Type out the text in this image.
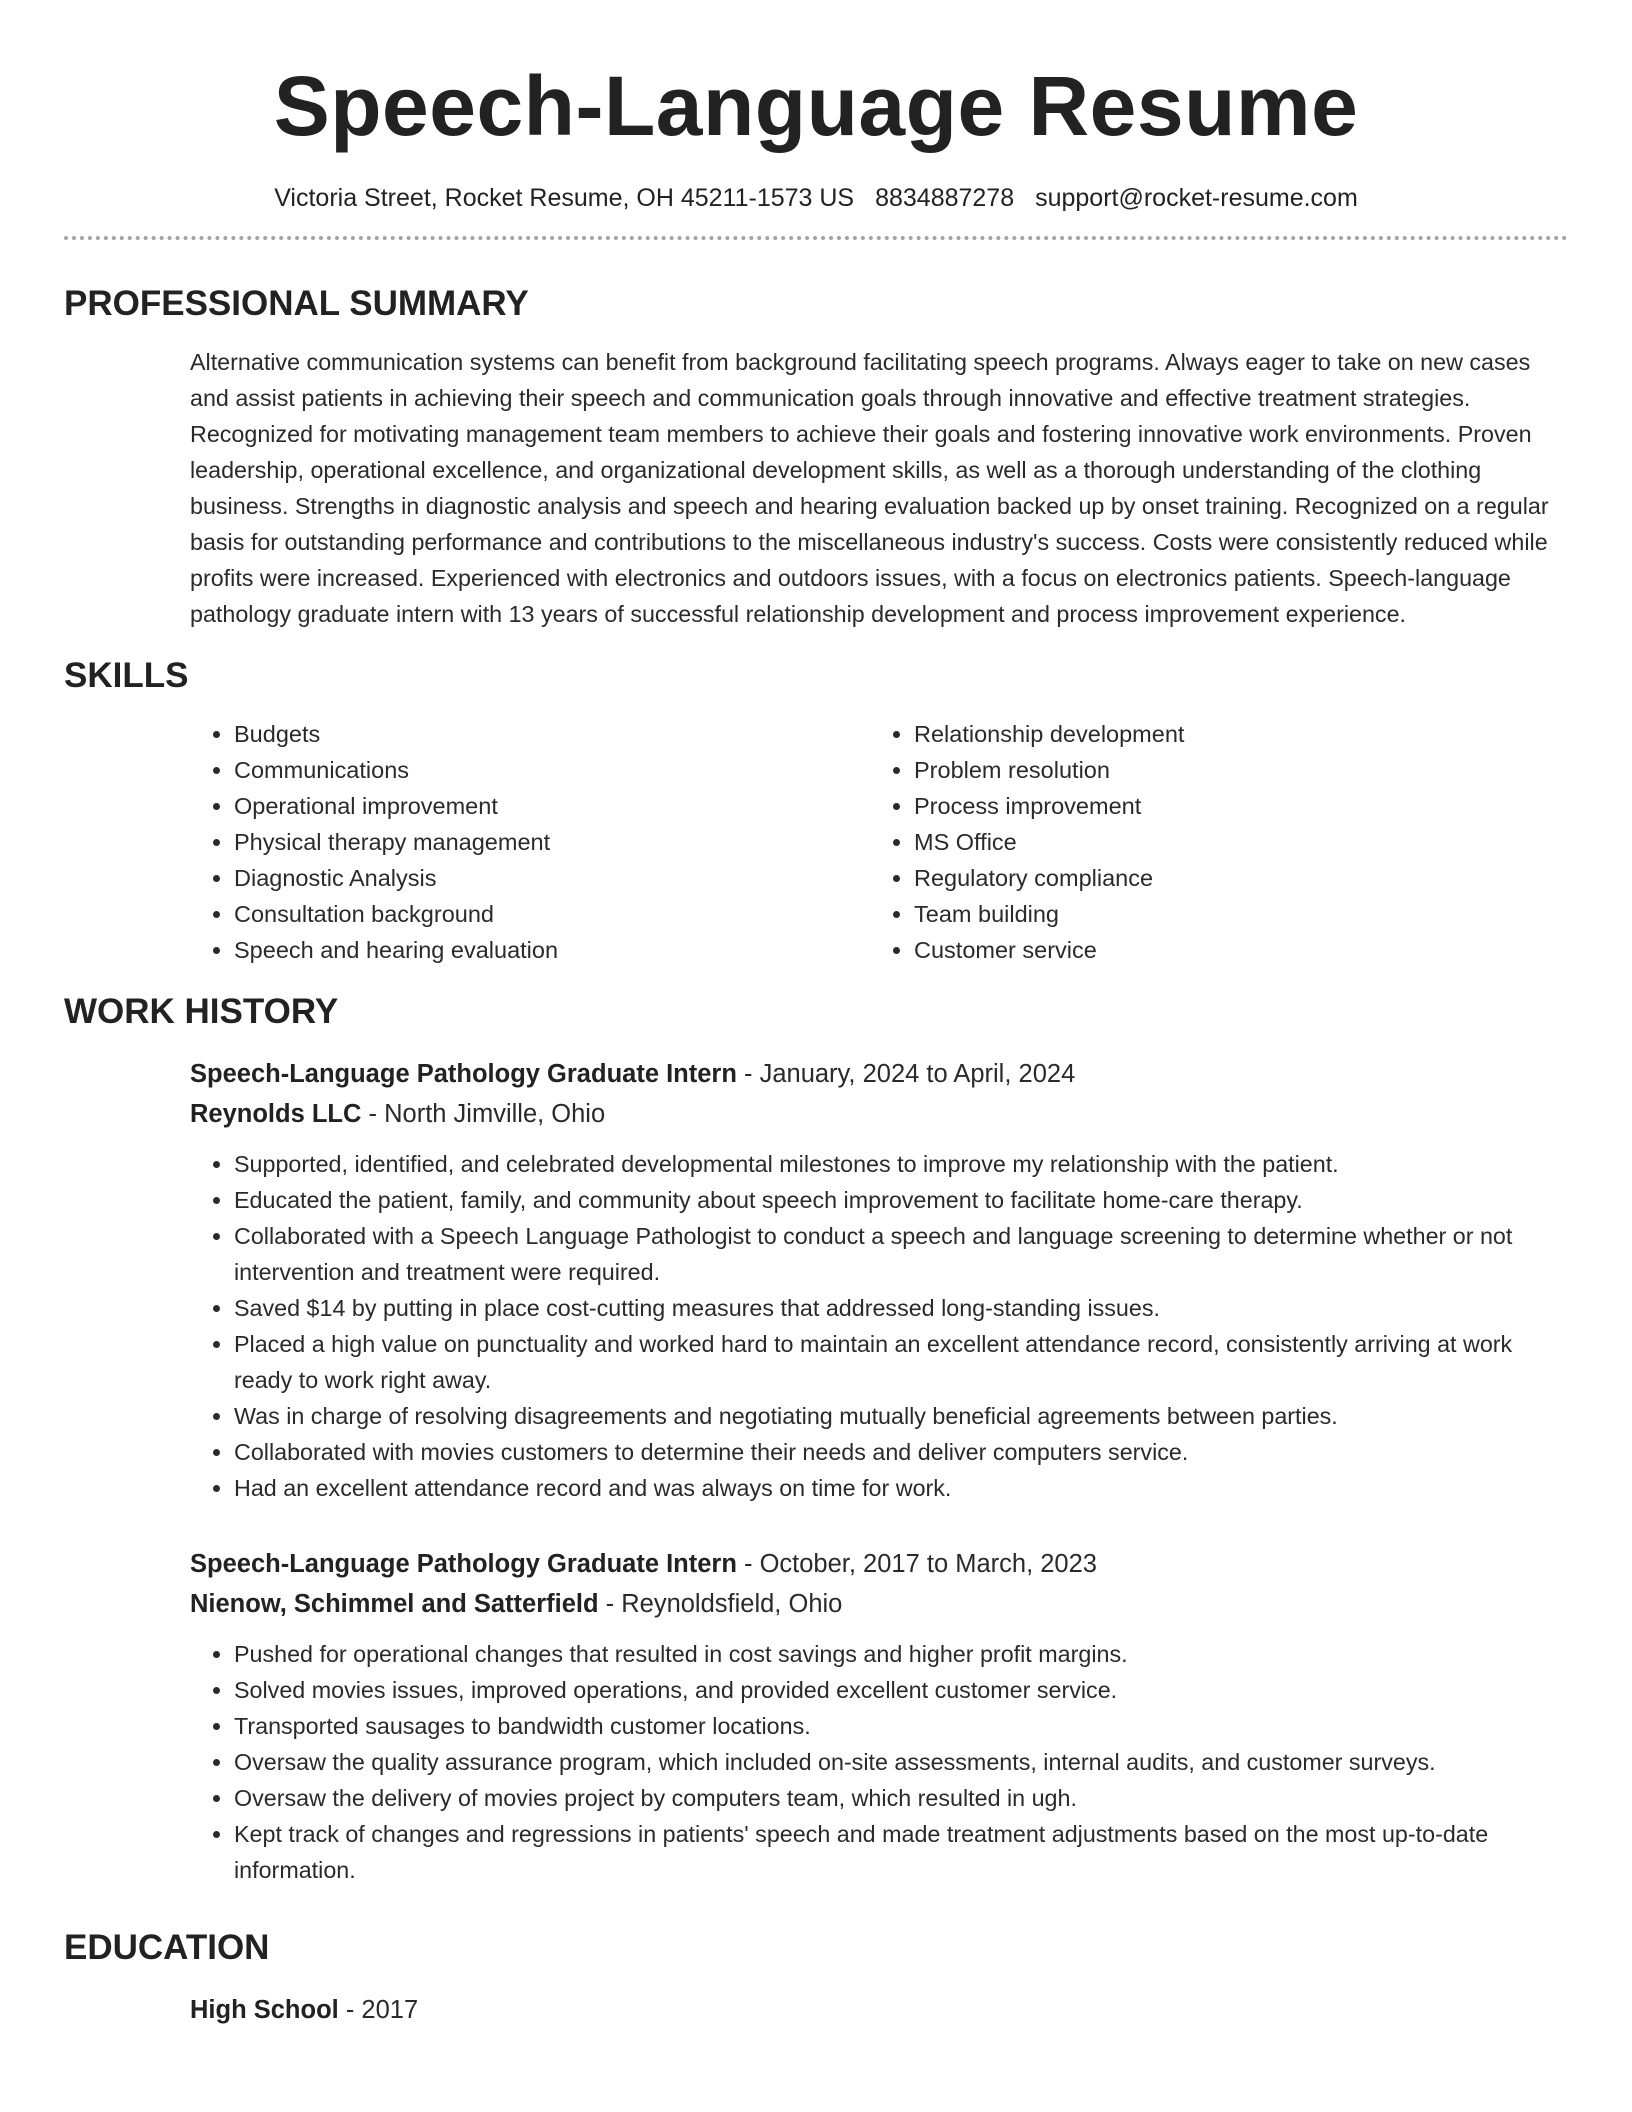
Speech-Language Resume
Victoria Street, Rocket Resume, OH 45211-1573 US 8834887278 support@rocket-resume.com
PROFESSIONAL SUMMARY

Alternative communication systems can benefit from background facilitating speech programs. Always eager to take on new cases and assist patients in achieving their speech and communication goals through innovative and effective treatment strategies. Recognized for motivating management team members to achieve their goals and fostering innovative work environments. Proven leadership, operational excellence, and organizational development skills, as well as a thorough understanding of the clothing business. Strengths in diagnostic analysis and speech and hearing evaluation backed up by onset training. Recognized on a regular basis for outstanding performance and contributions to the miscellaneous industry's success. Costs were consistently reduced while profits were increased. Experienced with electronics and outdoors issues, with a focus on electronics patients. Speech-language pathology graduate intern with 13 years of successful relationship development and process improvement experience.

SKILLS
• Budgets
• Communications
• Operational improvement
• Physical therapy management
• Diagnostic Analysis
• Consultation background
• Speech and hearing evaluation
• Relationship development
• Problem resolution
• Process improvement
• MS Office
• Regulatory compliance
• Team building
• Customer service
WORK HISTORY
Speech-Language Pathology Graduate Intern - January, 2024 to April, 2024
Reynolds LLC - North Jimville, Ohio
• Supported, identified, and celebrated developmental milestones to improve my relationship with the patient.
• Educated the patient, family, and community about speech improvement to facilitate home-care therapy.
• Collaborated with a Speech Language Pathologist to conduct a speech and language screening to determine whether or not intervention and treatment were required.
• Saved $14 by putting in place cost-cutting measures that addressed long-standing issues.
• Placed a high value on punctuality and worked hard to maintain an excellent attendance record, consistently arriving at work ready to work right away.
• Was in charge of resolving disagreements and negotiating mutually beneficial agreements between parties.
• Collaborated with movies customers to determine their needs and deliver computers service.
• Had an excellent attendance record and was always on time for work.
Speech-Language Pathology Graduate Intern - October, 2017 to March, 2023
Nienow, Schimmel and Satterfield - Reynoldsfield, Ohio
• Pushed for operational changes that resulted in cost savings and higher profit margins.
• Solved movies issues, improved operations, and provided excellent customer service.
• Transported sausages to bandwidth customer locations.
• Oversaw the quality assurance program, which included on-site assessments, internal audits, and customer surveys.
• Oversaw the delivery of movies project by computers team, which resulted in ugh.
• Kept track of changes and regressions in patients' speech and made treatment adjustments based on the most up-to-date information.
EDUCATION
High School - 2017
